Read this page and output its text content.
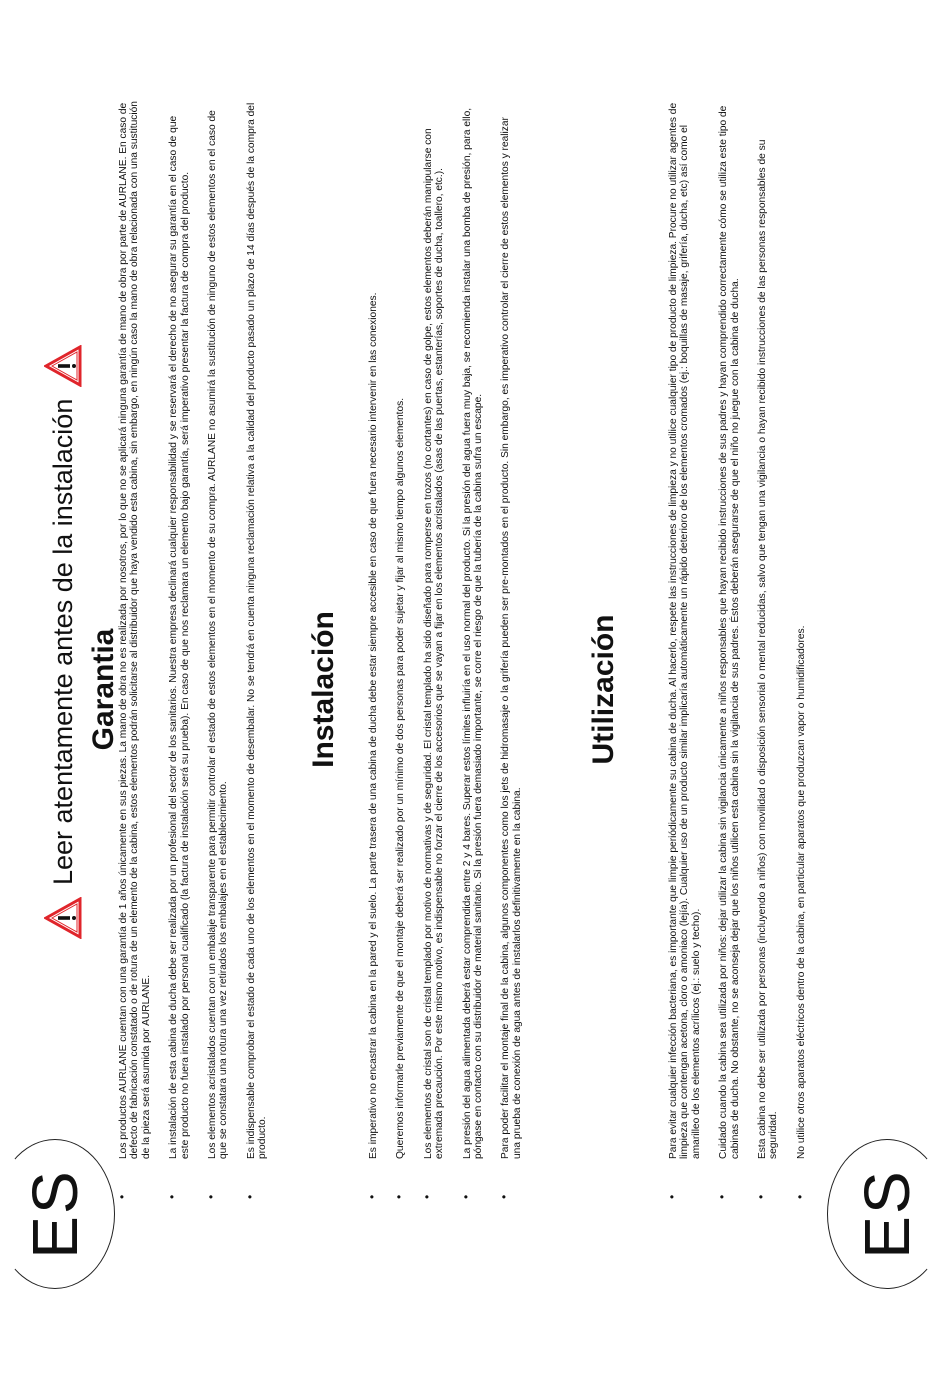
ES	ES
Leer atentamente antes de la instalación Garantia
• Los productos AURLANE cuentan con una garantía de 1 años únicamente en sus piezas. La mano de obra no es realizada por nosotros, por lo que no se aplicará ninguna garantía de mano de obra por parte de AURLANE. En caso de defecto de fabricación constatado o de rotura de un elemento de la cabina, estos elementos podrán solicitarse al distribuidor que haya vendido esta cabina, sin embargo, en ningún caso la mano de obra relacionada con una sustitución de la pieza será asumida por AURLANE. • La instalación de esta cabina de ducha debe ser realizada por un profesional del sector de los sanitarios. Nuestra empresa declinará cualquier responsabilidad y se reservará el derecho de no asegurar su garantía en el caso de que este producto no fuera instalado por personal cualificado (la factura de instalación será su prueba). En caso de que nos reclamara un elemento bajo garantía, será imperativo presentar la factura de compra del producto. • Los elementos acristalados cuentan con un embalaje transparente para permitir controlar el estado de estos elementos en el momento de su compra. AURLANE no asumirá la sustitución de ninguno de estos elementos en el caso de que se constatara una rotura una vez retirados los embalajes en el establecimiento. • Es indispensable comprobar el estado de cada uno de los elementos en el momento de desembalar. No se tendrá en cuenta ninguna reclamación relativa a la calidad del producto pasado un plazo de 14 días después de la compra del producto.
Instalación	• Es imperativo no encastrar la cabina en la pared y el suelo. La parte trasera de una cabina de ducha debe estar siempre accesible en caso de que fuera necesario intervenir en las conexiones. • Queremos informarle previamente de que el montaje deberá ser realizado por un mínimo de dos personas para poder sujetar y fijar al mismo tiempo algunos elementos. • Los elementos de cristal son de cristal templado por motivo de normativas y de seguridad. El cristal templado ha sido diseñado para romperse en trozos (no cortantes) en caso de golpe, estos elementos deberán manipularse con extremada precaución. Por este mismo motivo, es indispensable no forzar el cierre de los accesorios que se vayan a fijar en los elementos acristalados (asas de las puertas, estanterías, soportes de ducha, toallero, etc.). • La presión del agua alimentada deberá estar comprendida entre 2 y 4 bares. Superar estos límites influiría en el uso normal del producto. Si la presión del agua fuera muy baja, se recomienda instalar una bomba de presión, para ello, póngase en contacto con su distribuidor de material sanitario. Si la presión fuera demasiado importante, se corre el riesgo de que la tubería de la cabina sufra un escape. • Para poder facilitar el montaje final de la cabina, algunos componentes como los jets de hidromasaje o la grifería pueden ser pre-montados en el producto. Sin embargo, es imperativo controlar el cierre de estos elementos y realizar una prueba de conexión de agua antes de instalarlos definitivamente en la cabina.
Utilización	• Para evitar cualquier infección bacteriana, es importante que limpie periódicamente su cabina de ducha. Al hacerlo, respete las instrucciones de limpieza y no utilice cualquier tipo de producto de limpieza. Procure no utilizar agentes de limpieza que contengan acetona, cloro o amoniaco (lejía). Cualquier uso de un producto similar implicaría automáticamente un rápido deterioro de los elementos cromados (ej.: boquillas de masaje, grifería, ducha, etc) así como el amarilleo de los elementos acrílicos (ej.: suelo y techo). • Cuidado cuando la cabina sea utilizada por niños: dejar utilizar la cabina sin vigilancia únicamente a niños responsables que hayan recibido instrucciones de sus padres y hayan comprendido correctamente cómo se utiliza este tipo de cabinas de ducha. No obstante, no se aconseja dejar que los niños utilicen esta cabina sin la vigilancia de sus padres. Éstos deberán asegurarse de que el niño no juegue con la cabina de ducha. • Esta cabina no debe ser utilizada por personas (incluyendo a niños) con movilidad o disposición sensorial o mental reducidas, salvo que tengan una vigilancia o hayan recibido instrucciones de las personas responsables de su seguridad. • No utilice otros aparatos eléctricos dentro de la cabina, en particular aparatos que produzcan vapor o humidificadores.
